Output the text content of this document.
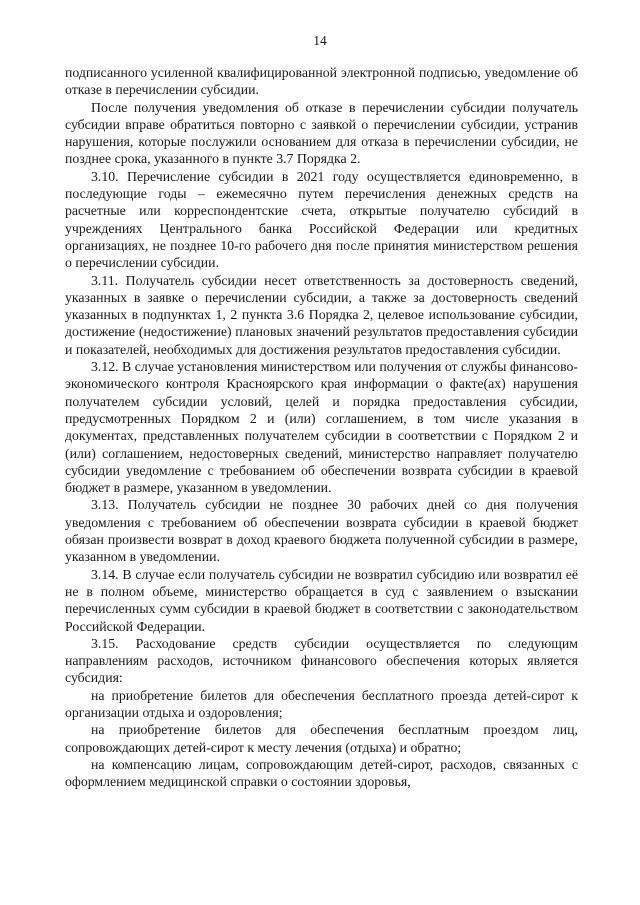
14

подписанного усиленной квалифицированной электронной подписью, уведомление об отказе в перечислении субсидии.

После получения уведомления об отказе в перечислении субсидии получатель субсидии вправе обратиться повторно с заявкой о перечислении субсидии, устранив нарушения, которые послужили основанием для отказа в перечислении субсидии, не позднее срока, указанного в пункте 3.7 Порядка 2.

3.10. Перечисление субсидии в 2021 году осуществляется единовременно, в последующие годы – ежемесячно путем перечисления денежных средств на расчетные или корреспондентские счета, открытые получателю субсидий в учреждениях Центрального банка Российской Федерации или кредитных организациях, не позднее 10-го рабочего дня после принятия министерством решения о перечислении субсидии.

3.11. Получатель субсидии несет ответственность за достоверность сведений, указанных в заявке о перечислении субсидии, а также за достоверность сведений указанных в подпунктах 1, 2 пункта 3.6 Порядка 2, целевое использование субсидии, достижение (недостижение) плановых значений результатов предоставления субсидии и показателей, необходимых для достижения результатов предоставления субсидии.

3.12. В случае установления министерством или получения от службы финансово-экономического контроля Красноярского края информации о факте(ах) нарушения получателем субсидии условий, целей и порядка предоставления субсидии, предусмотренных Порядком 2 и (или) соглашением, в том числе указания в документах, представленных получателем субсидии в соответствии с Порядком 2 и (или) соглашением, недостоверных сведений, министерство направляет получателю субсидии уведомление с требованием об обеспечении возврата субсидии в краевой бюджет в размере, указанном в уведомлении.

3.13. Получатель субсидии не позднее 30 рабочих дней со дня получения уведомления с требованием об обеспечении возврата субсидии в краевой бюджет обязан произвести возврат в доход краевого бюджета полученной субсидии в размере, указанном в уведомлении.

3.14. В случае если получатель субсидии не возвратил субсидию или возвратил её не в полном объеме, министерство обращается в суд с заявлением о взыскании перечисленных сумм субсидии в краевой бюджет в соответствии с законодательством Российской Федерации.

3.15. Расходование средств субсидии осуществляется по следующим направлениям расходов, источником финансового обеспечения которых является субсидия:

на приобретение билетов для обеспечения бесплатного проезда детей-сирот к организации отдыха и оздоровления;

на приобретение билетов для обеспечения бесплатным проездом лиц, сопровождающих детей-сирот к месту лечения (отдыха) и обратно;

на компенсацию лицам, сопровождающим детей-сирот, расходов, связанных с оформлением медицинской справки о состоянии здоровья,
